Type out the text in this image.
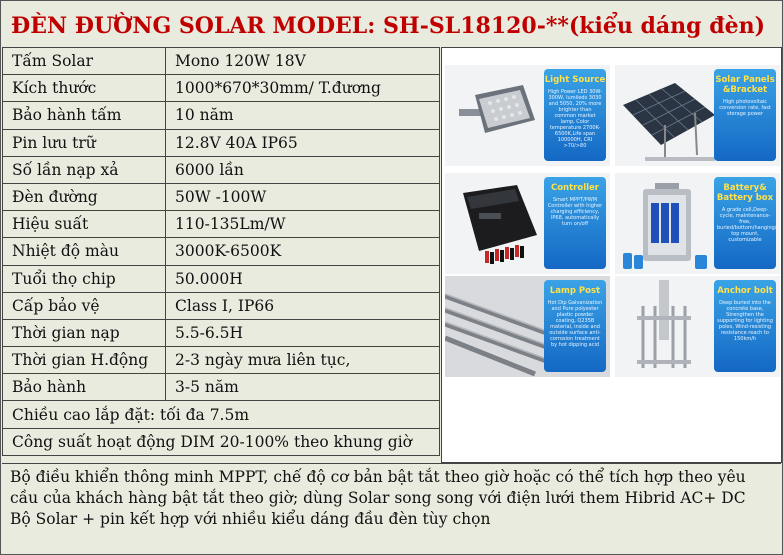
ĐÈN ĐƯỜNG SOLAR MODEL: SH-SL18120-**(kiểu dáng đèn)
Tấm Solar	Mono 120W 18V
Kích thước	1000*670*30mm/ T.đương
Bảo hành tấm	10 năm
Pin lưu trữ	12.8V 40A IP65
Số lần nạp xả	6000 lần
Đèn đường	50W -100W
Hiệu suất	110-135Lm/W
Nhiệt độ màu	3000K-6500K
Tuổi thọ chip	50.000H
Cấp bảo vệ	Class I, IP66
Thời gian nạp	5.5-6.5H
Thời gian H.động	2-3 ngày mưa liên tục,
Bảo hành	3-5 năm
Chiều cao lắp đặt: tối đa 7.5m	
Công suất hoạt động DIM 20-100% theo khung giờ	
Light Source
High Power LED 30W-300W, lumileds 3030 and 5050, 20% more brighter than common market lamp, Color temperature 2700K-6500K,Life span 100000H, CRI >70/>80
Solar Panels &Bracket
High photovoltaic conversion rate, fast storage power
Controller
Smart MPPT/PWM Controller with higher charging efficiency, IP68, automatically turn on/off
Battery& Battery box
A grade cell,Deep-cycle, maintenance-free, buried/bottom/hanging/ top mount, customizable
Lamp Post
Hot Dip Galvanization and Pure polyester plastic powder coating, Q235B material, inside and outside surface anti-corrosion treatment by hot dipping acid
Anchor bolt
Deep buried into the concrete base, Strengthen the supporting for lighting poles, Wind-resisting resistance reach to 150km/h

Bộ điều khiển thông minh MPPT, chế độ cơ bản bật tắt theo giờ hoặc có thể tích hợp theo yêu cầu của khách hàng bật tắt theo giờ; dùng Solar song song với điện lưới them Hibrid AC+ DC

Bộ Solar + pin kết hợp với nhiều kiểu dáng đầu đèn tùy chọn
